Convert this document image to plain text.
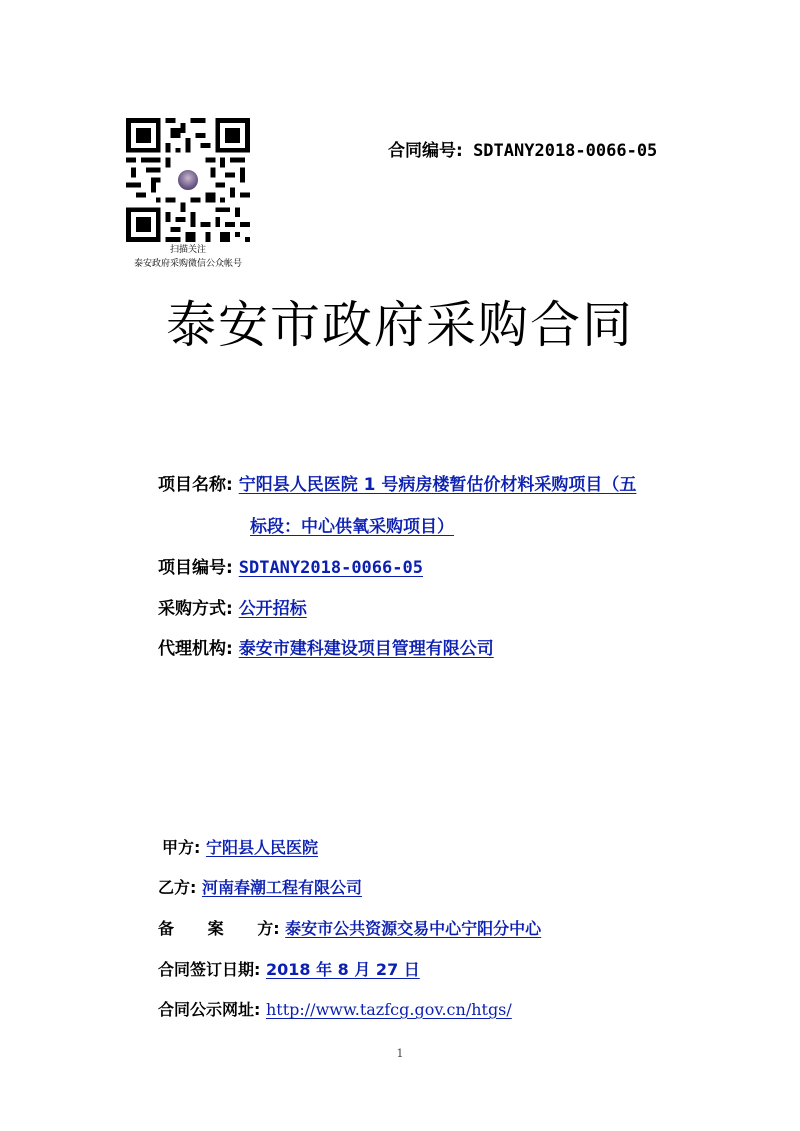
扫描关注
泰安政府采购微信公众帐号
合同编号: SDTANY2018-0066-05
泰安市政府采购合同
项目名称: 宁阳县人民医院 1 号病房楼暂估价材料采购项目（五
标段：中心供氧采购项目）
项目编号: SDTANY2018-0066-05
采购方式: 公开招标
代理机构: 泰安市建科建设项目管理有限公司
甲方: 宁阳县人民医院
乙方: 河南春潮工程有限公司
备 案 方: 泰安市公共资源交易中心宁阳分中心
合同签订日期: 2018 年 8 月 27 日
合同公示网址: http://www.tazfcg.gov.cn/htgs/
1
